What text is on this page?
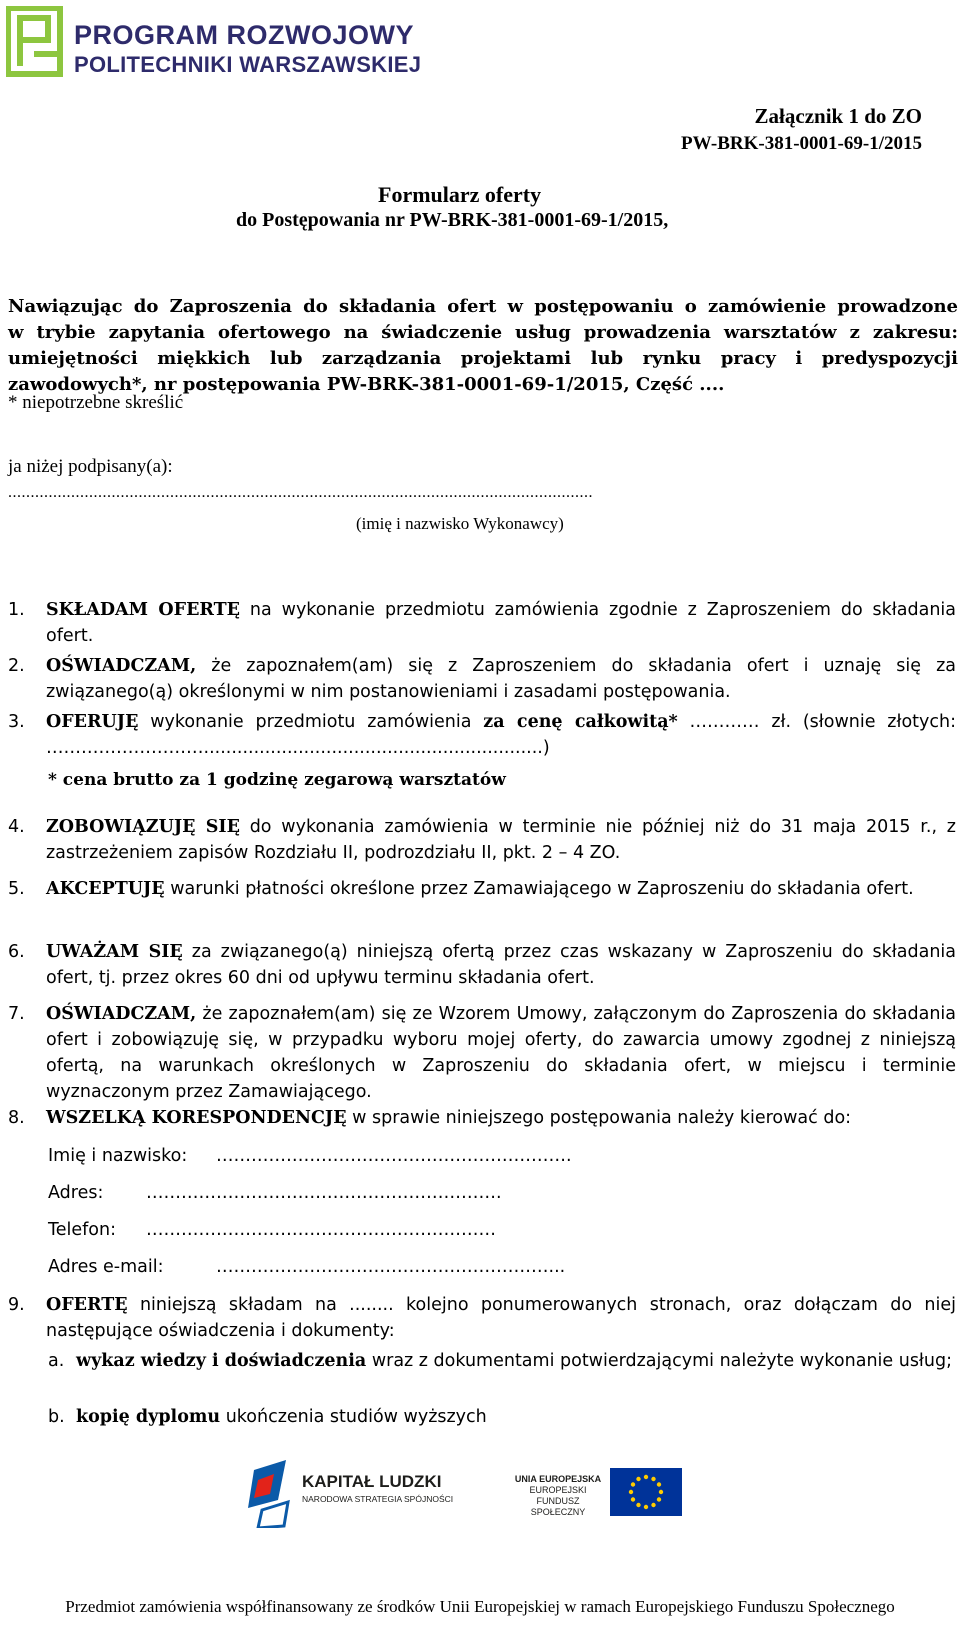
PROGRAM ROZWOJOWY
POLITECHNIKI WARSZAWSKIEJ
Załącznik 1 do ZO
PW-BRK-381-0001-69-1/2015
Formularz oferty
do Postępowania nr PW-BRK-381-0001-69-1/2015,
Nawiązując do Zaproszenia do składania ofert w postępowaniu o zamówienie prowadzone
w trybie zapytania ofertowego na świadczenie usług prowadzenia warsztatów z zakresu:
umiejętności miękkich lub zarządzania projektami lub rynku pracy i predyspozycji
zawodowych*, nr postępowania PW-BRK-381-0001-69-1/2015, Część ....
* niepotrzebne skreślić
ja niżej podpisany(a):
..................................................................................................................................
(imię i nazwisko Wykonawcy)
1.	SKŁADAM OFERTĘ na wykonanie przedmiotu zamówienia zgodnie z Zaproszeniem do składania ofert.
2.	OŚWIADCZAM, że zapoznałem(am) się z Zaproszeniem do składania ofert i uznaję się za związanego(ą) określonymi w nim postanowieniami i zasadami postępowania.
3.	OFERUJĘ wykonanie przedmiotu zamówienia za cenę całkowitą* ………… zł. (słownie złotych: ……………………….............................................................)
* cena brutto za 1 godzinę zegarową warsztatów
4.	ZOBOWIĄZUJĘ SIĘ do wykonania zamówienia w terminie nie później niż do 31 maja 2015 r., z zastrzeżeniem zapisów Rozdziału II, podrozdziału II, pkt. 2 – 4 ZO.
5.	AKCEPTUJĘ warunki płatności określone przez Zamawiającego w Zaproszeniu do składania ofert.
6.	UWAŻAM SIĘ za związanego(ą) niniejszą ofertą przez czas wskazany w Zaproszeniu do składania ofert, tj. przez okres 60 dni od upływu terminu składania ofert.
7.	OŚWIADCZAM, że zapoznałem(am) się ze Wzorem Umowy, załączonym do Zaproszenia do składania ofert i zobowiązuję się, w przypadku wyboru mojej oferty, do zawarcia umowy zgodnej z niniejszą ofertą, na warunkach określonych w Zaproszeniu do składania ofert, w miejscu i terminie wyznaczonym przez Zamawiającego.
8.	WSZELKĄ KORESPONDENCJĘ w sprawie niniejszego postępowania należy kierować do:
Imię i nazwisko: …………………………………………………….
Adres: …………………………………………………….
Telefon: ……………………………………………………
Adres e-mail:	…………………………………………………...
9.	OFERTĘ niniejszą składam na ........ kolejno ponumerowanych stronach, oraz dołączam do niej następujące oświadczenia i dokumenty:
a. wykaz wiedzy i doświadczenia wraz z dokumentami potwierdzającymi należyte wykonanie usług;
b. kopię dyplomu ukończenia studiów wyższych
KAPITAŁ LUDZKI
NARODOWA STRATEGIA SPÓJNOŚCI
UNIA EUROPEJSKA
EUROPEJSKI
FUNDUSZ SPOŁECZNY
Przedmiot zamówienia współfinansowany ze środków Unii Europejskiej w ramach Europejskiego Funduszu Społecznego
